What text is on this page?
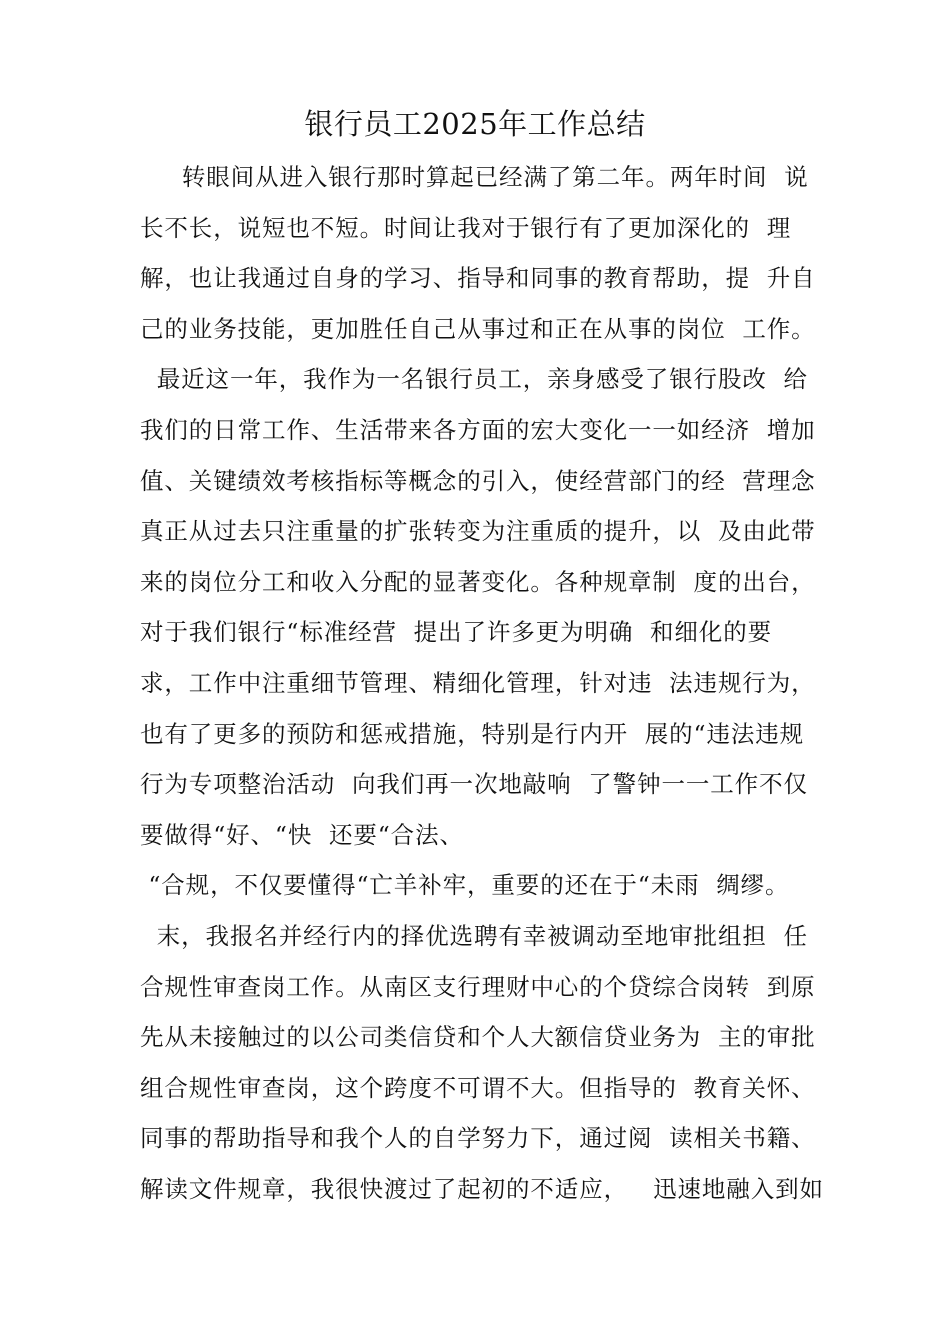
银行员工2025年工作总结
转眼间从进入银行那时算起已经满了第二年。两年时间  说
长不长，说短也不短。时间让我对于银行有了更加深化的  理
解，也让我通过自身的学习、指导和同事的教育帮助，提  升自
己的业务技能，更加胜任自己从事过和正在从事的岗位  工作。
最近这一年，我作为一名银行员工，亲身感受了银行股改  给
我们的日常工作、生活带来各方面的宏大变化一一如经济  增加
值、关键绩效考核指标等概念的引入，使经营部门的经  营理念
真正从过去只注重量的扩张转变为注重质的提升，以  及由此带
来的岗位分工和收入分配的显著变化。各种规章制  度的出台，
对于我们银行“标准经营  提出了许多更为明确  和细化的要
求，工作中注重细节管理、精细化管理，针对违  法违规行为，
也有了更多的预防和惩戒措施，特别是行内开  展的“违法违规
行为专项整治活动  向我们再一次地敲响  了警钟一一工作不仅
要做得“好、“快  还要“合法、
“合规，不仅要懂得“亡羊补牢，重要的还在于“未雨  绸缪。
末，我报名并经行内的择优选聘有幸被调动至地审批组担  任
合规性审查岗工作。从南区支行理财中心的个贷综合岗转  到原
先从未接触过的以公司类信贷和个人大额信贷业务为  主的审批
组合规性审查岗，这个跨度不可谓不大。但指导的  教育关怀、
同事的帮助指导和我个人的自学努力下，通过阅  读相关书籍、
解读文件规章，我很快渡过了起初的不适应，   迅速地融入到如
